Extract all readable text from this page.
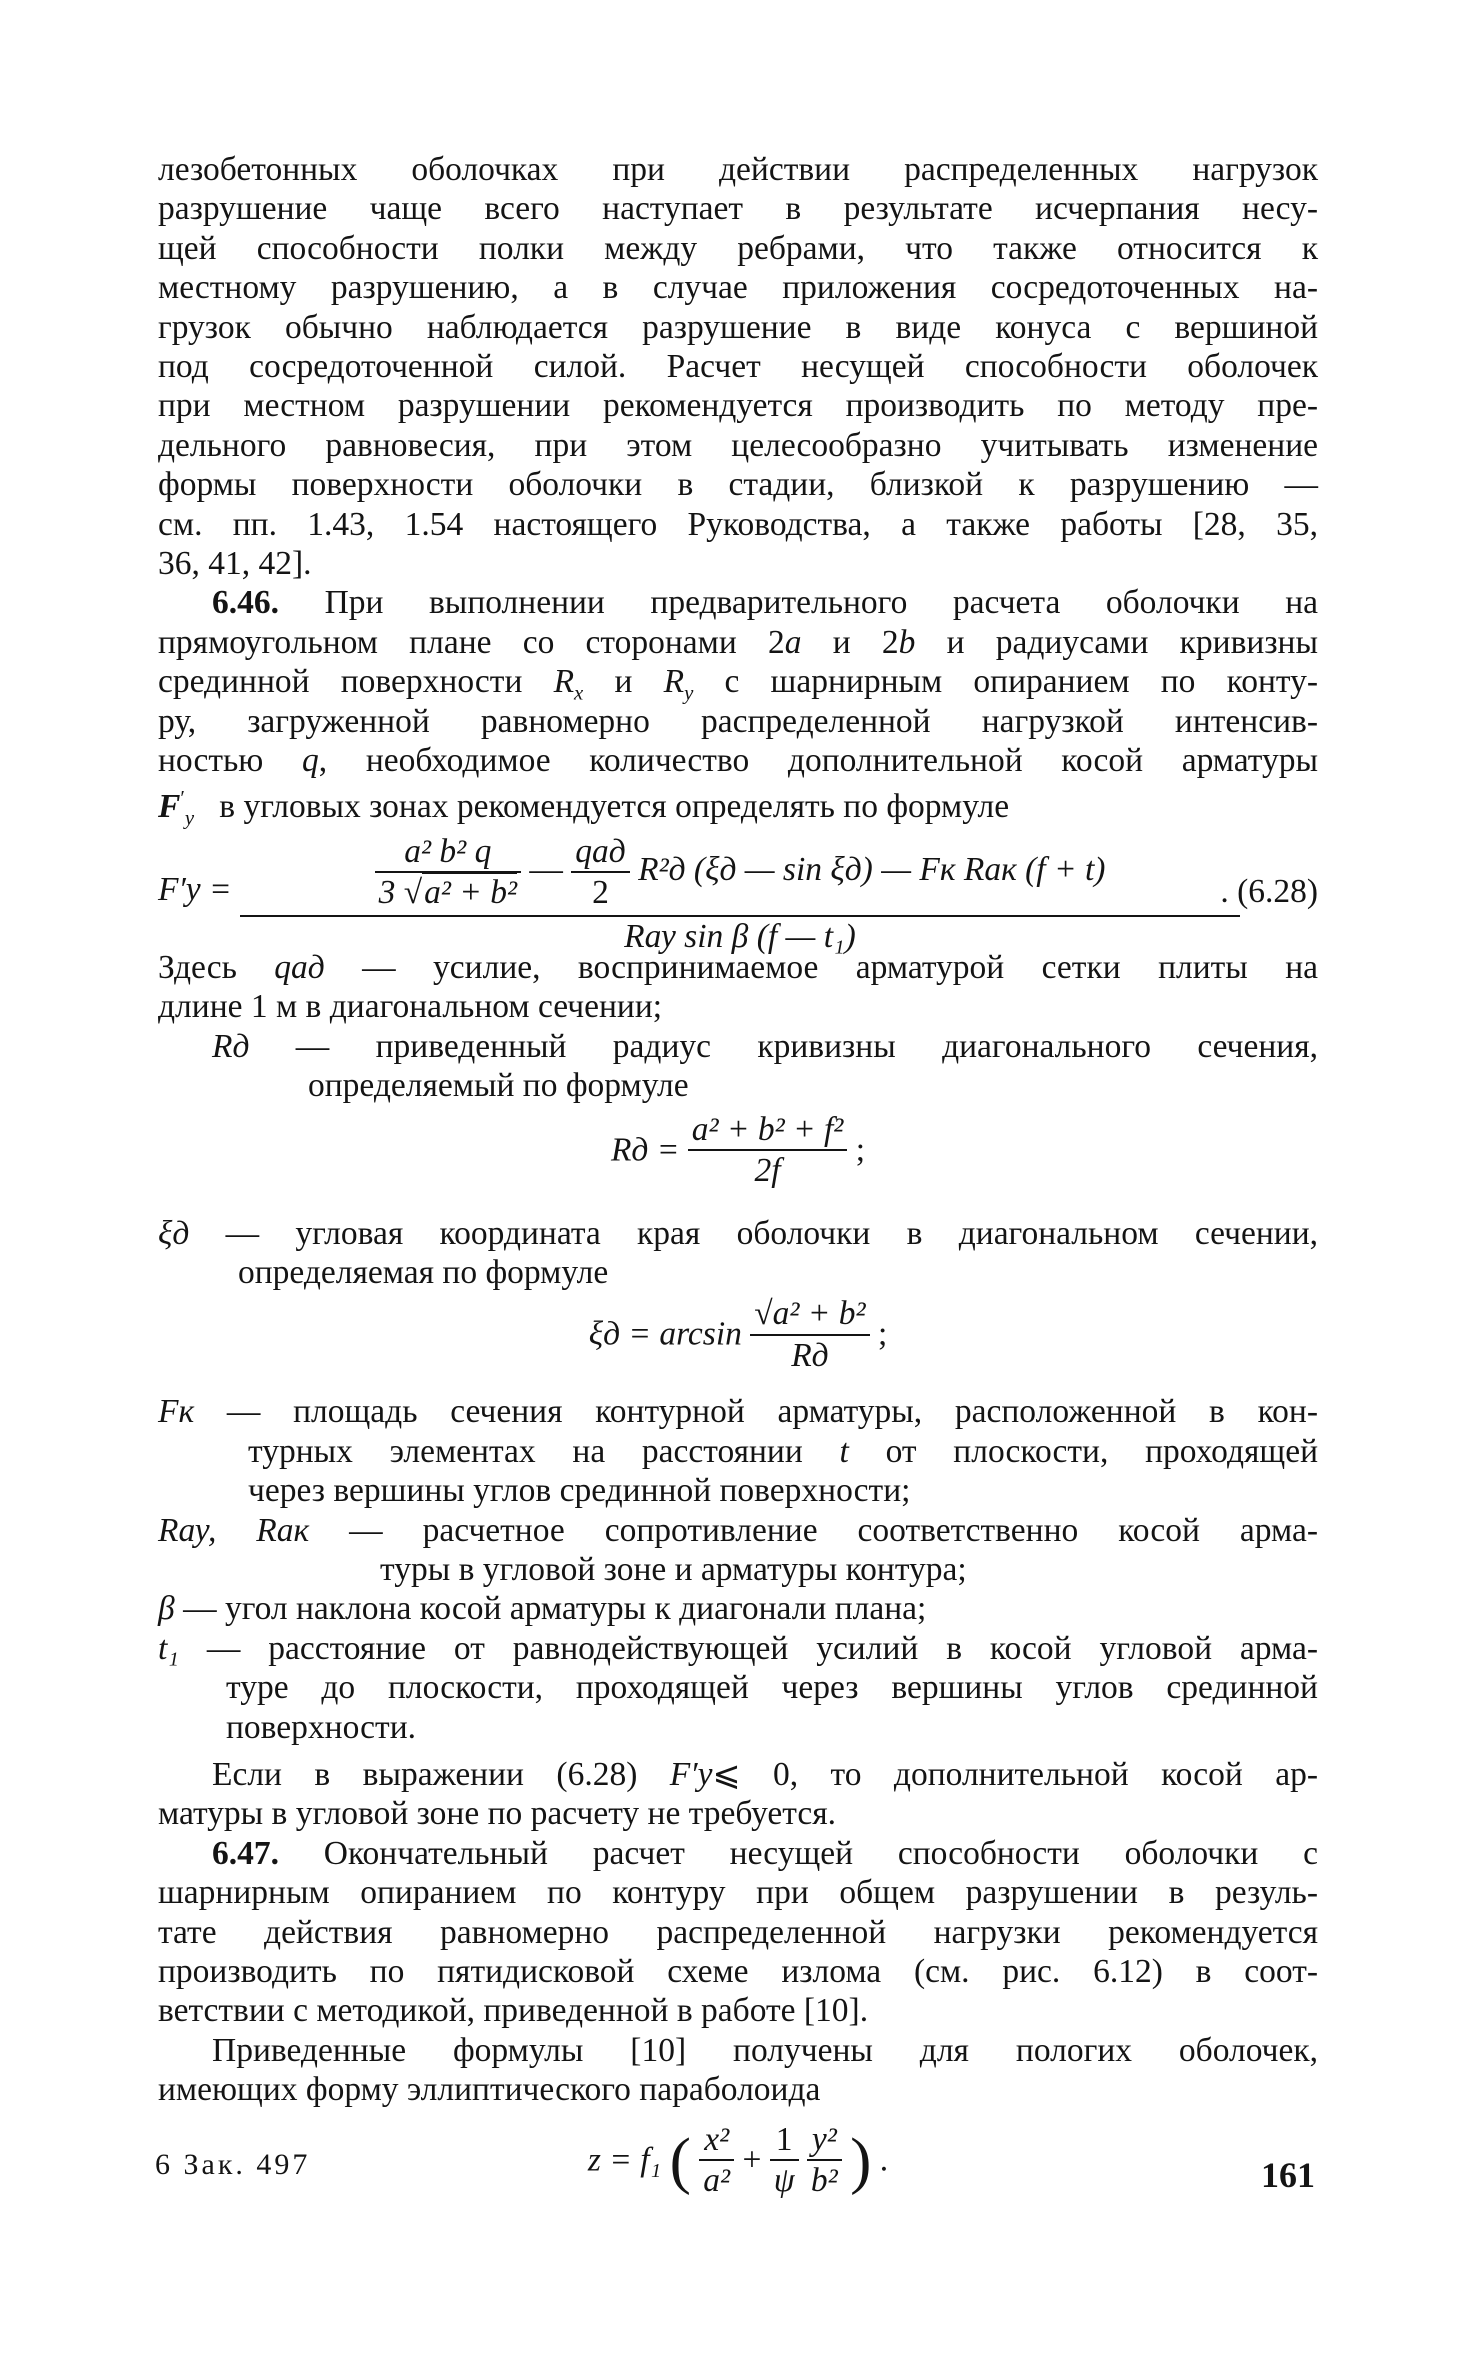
лезобетонных оболочках при действии распределенных нагрузок
разрушение чаще всего наступает в результате исчерпания несу-
щей способности полки между ребрами, что также относится к
местному разрушению, а в случае приложения сосредоточенных на-
грузок обычно наблюдается разрушение в виде конуса с вершиной
под сосредоточенной силой. Расчет несущей способности оболочек
при местном разрушении рекомендуется производить по методу пре-
дельного равновесия, при этом целесообразно учитывать изменение
формы поверхности оболочки в стадии, близкой к разрушению —
см. пп. 1.43, 1.54 настоящего Руководства, а также работы [28, 35,
36, 41, 42].
6.46. При выполнении предварительного расчета оболочки на
прямоугольном плане со сторонами 2a и 2b и радиусами кривизны
срединной поверхности $R_x$ и $R_y$ с шарнирным опиранием по конту-
ру, загруженной равномерно распределенной нагрузкой интенсив-
ностью q, необходимое количество дополнительной косой арматуры
$F'_y$ в угловых зонах рекомендуется определять по формуле
F′y =	$\frac{\text{a² b² q}}{\text{3 √a² + b²}}$ — $\frac{\text{qад}}{2} R^2д$ (ξд — sin ξд) — Fк Rак (f + t)
Rау sin β (f — t₁)
. (6.28)
Здесь qад — усилие, воспринимаемое арматурой сетки плиты на
длине 1 м в диагональном сечении;
Rд — приведенный радиус кривизны диагонального сечения,
определяемый по формуле
Rд = $\frac{\text{a² + b² + f²}}{2f}$ ;
ξд — угловая координата края оболочки в диагональном сечении,
определяемая по формуле
$\xi д = \arcsin \frac{\text{√a² + b²}}{Rд}$ ;
Fк — площадь сечения контурной арматуры, расположенной в кон-
турных элементах на расстоянии t от плоскости, проходящей
через вершины углов срединной поверхности;
Rау, Rак — расчетное сопротивление соответственно косой арма-
туры в угловой зоне и арматуры контура;
β — угол наклона косой арматуры к диагонали плана;
t₁ — расстояние от равнодействующей усилий в косой угловой арма-
туре до плоскости, проходящей через вершины углов срединной
поверхности.
Если в выражении (6.28) F′y⩽ 0, то дополнительной косой ар-
матуры в угловой зоне по расчету не требуется.
6.47. Окончательный расчет несущей способности оболочки с
шарнирным опиранием по контуру при общем разрушении в резуль-
тате действия равномерно распределенной нагрузки рекомендуется
производить по пятидисковой схеме излома (см. рис. 6.12) в соот-
ветствии с методикой, приведенной в работе [10].
Приведенные формулы [10] получены для пологих оболочек,
имеющих форму эллиптического параболоида
z = f₁ ( $\frac{\text{x²}}{\text{a²}} + \frac{1}{\psi}$
$\frac{\text{y²}}{\text{b²}}$ ) .
6 Зак. 497	161
